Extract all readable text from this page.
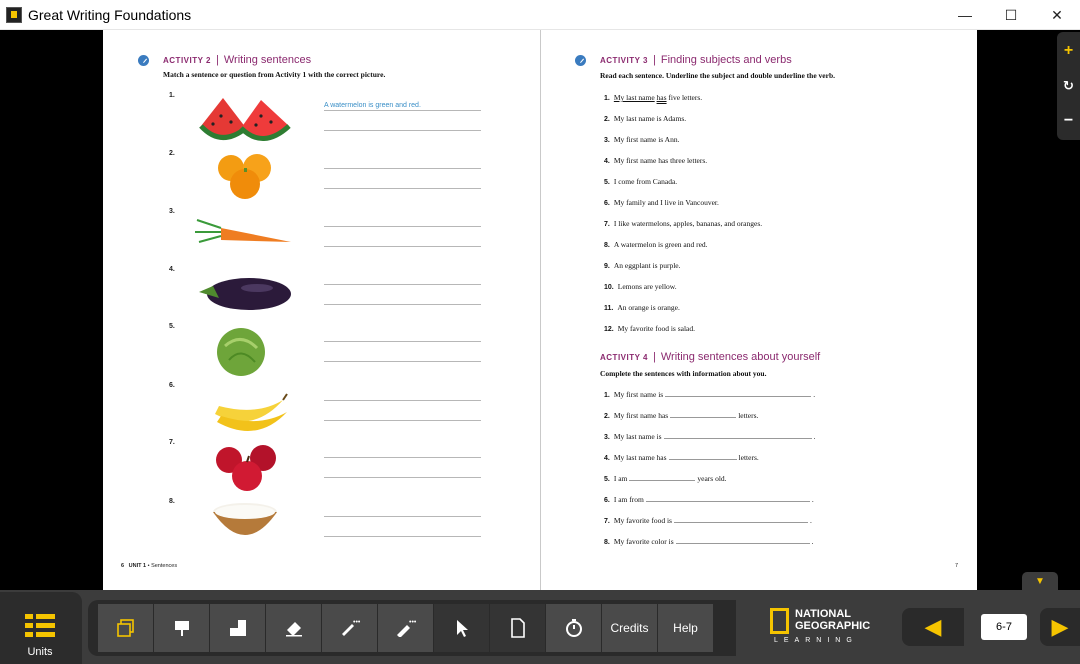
Great Writing Foundations	—	☐	✕
ACTIVITY 2 | Writing sentences
Match a sentence or question from Activity 1 with the correct picture.
1.
A watermelon is green and red.
2.
3.
4.
5.
6.
7.
8.
6 UNIT 1 • Sentences
ACTIVITY 3 | Finding subjects and verbs
Read each sentence. Underline the subject and double underline the verb.
1. My last name has five letters.
2. My last name is Adams.
3. My first name is Ann.
4. My first name has three letters.
5. I come from Canada.
6. My family and I live in Vancouver.
7. I like watermelons, apples, bananas, and oranges.
8. A watermelon is green and red.
9. An eggplant is purple.
10. Lemons are yellow.
11. An orange is orange.
12. My favorite food is salad.
ACTIVITY 4 | Writing sentences about yourself
Complete the sentences with information about you.
1. My first name is	.
2. My first name has	letters.
3. My last name is	.
4. My last name has	letters.
5. I am	years old.
6. I am from	.
7. My favorite food is	.
8. My favorite color is	.
7
+
↻
−
▼
Units
•••	•••	Credits	Help
NATIONAL
GEOGRAPHIC
LEARNING
◀	6-7	▶
